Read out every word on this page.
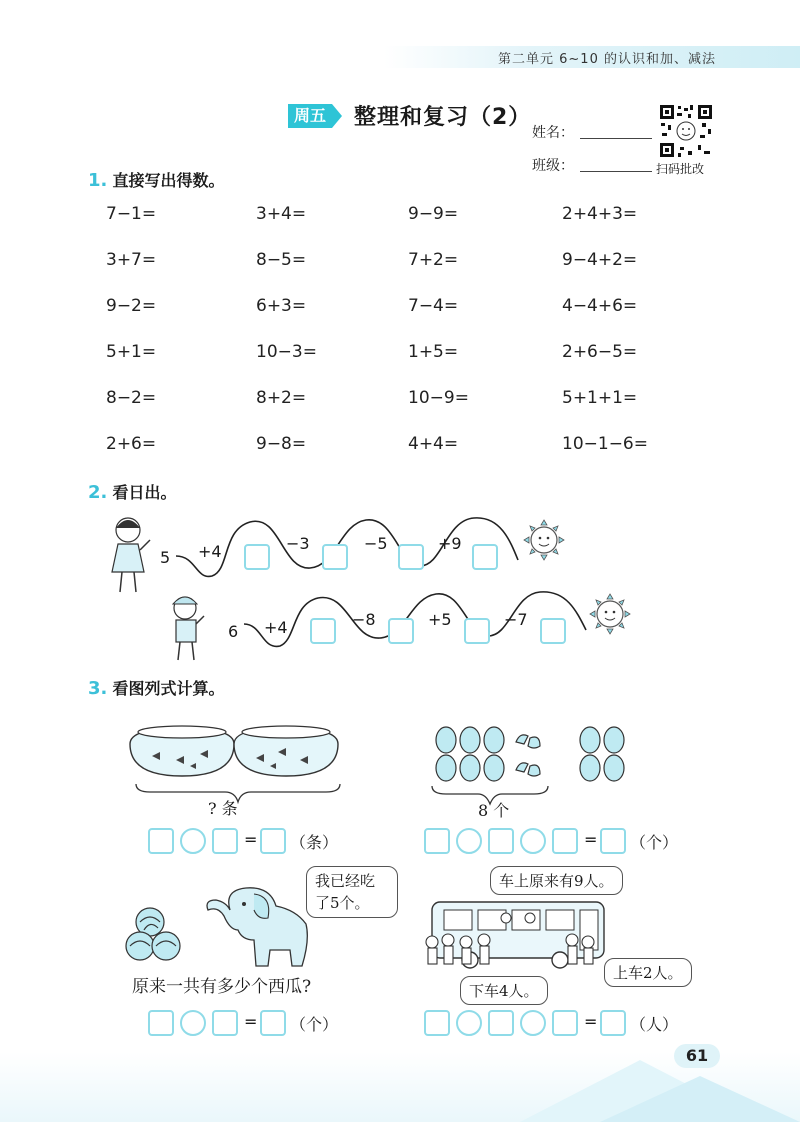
第二单元 6~10 的认识和加、减法
周五 整理和复习（2）
姓名：
班级：	扫码批改
1. 直接写出得数。
7−1=	3+4=	9−9=	2+4+3=
3+7=	8−5=	7+2=	9−4+2=
9−2=	6+3=	7−4=	4−4+6=
5+1=	10−3=	1+5=	2+6−5=
8−2=	8+2=	10−9=	5+1+1=
2+6=	9−8=	4+4=	10−1−6=
2. 看日出。
5 +4	−3	−5	+9
6 +4	−8	+5	−7
3. 看图列式计算。
? 条	8 个
= （条）	= （个）
我已经吃
了5个。
原来一共有多少个西瓜?
车上原来有9人。
下车4人。
上车2人。
= （个）	= （人）
61
